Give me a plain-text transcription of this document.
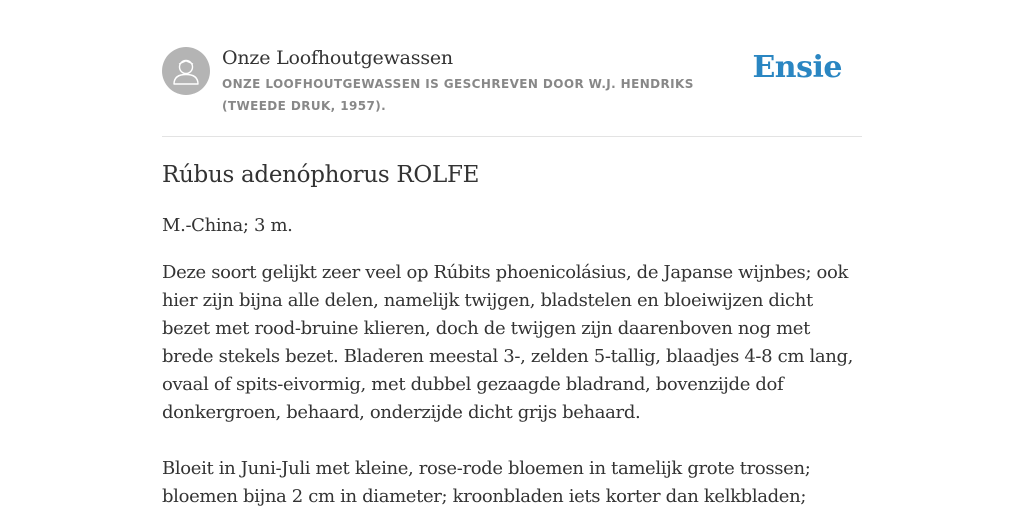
Onze Loofhoutgewassen
ONZE LOOFHOUTGEWASSEN IS GESCHREVEN DOOR W.J. HENDRIKS (TWEEDE DRUK, 1957).
Ensie
Rúbus adenóphorus ROLFE

M.-China; 3 m.

Deze soort gelijkt zeer veel op Rúbits phoenicolásius, de Japanse wijnbes; ook hier zijn bijna alle delen, namelijk twijgen, bladstelen en bloeiwijzen dicht bezet met rood-bruine klieren, doch de twijgen zijn daarenboven nog met brede stekels bezet. Bladeren meestal 3-, zelden 5-tallig, blaadjes 4-8 cm lang, ovaal of spits-eivormig, met dubbel gezaagde bladrand, bovenzijde dof donkergroen, behaard, onderzijde dicht grijs behaard.

Bloeit in Juni-Juli met kleine, rose-rode bloemen in tamelijk grote trossen; bloemen bijna 2 cm in diameter; kroonbladen iets korter dan kelkbladen;
